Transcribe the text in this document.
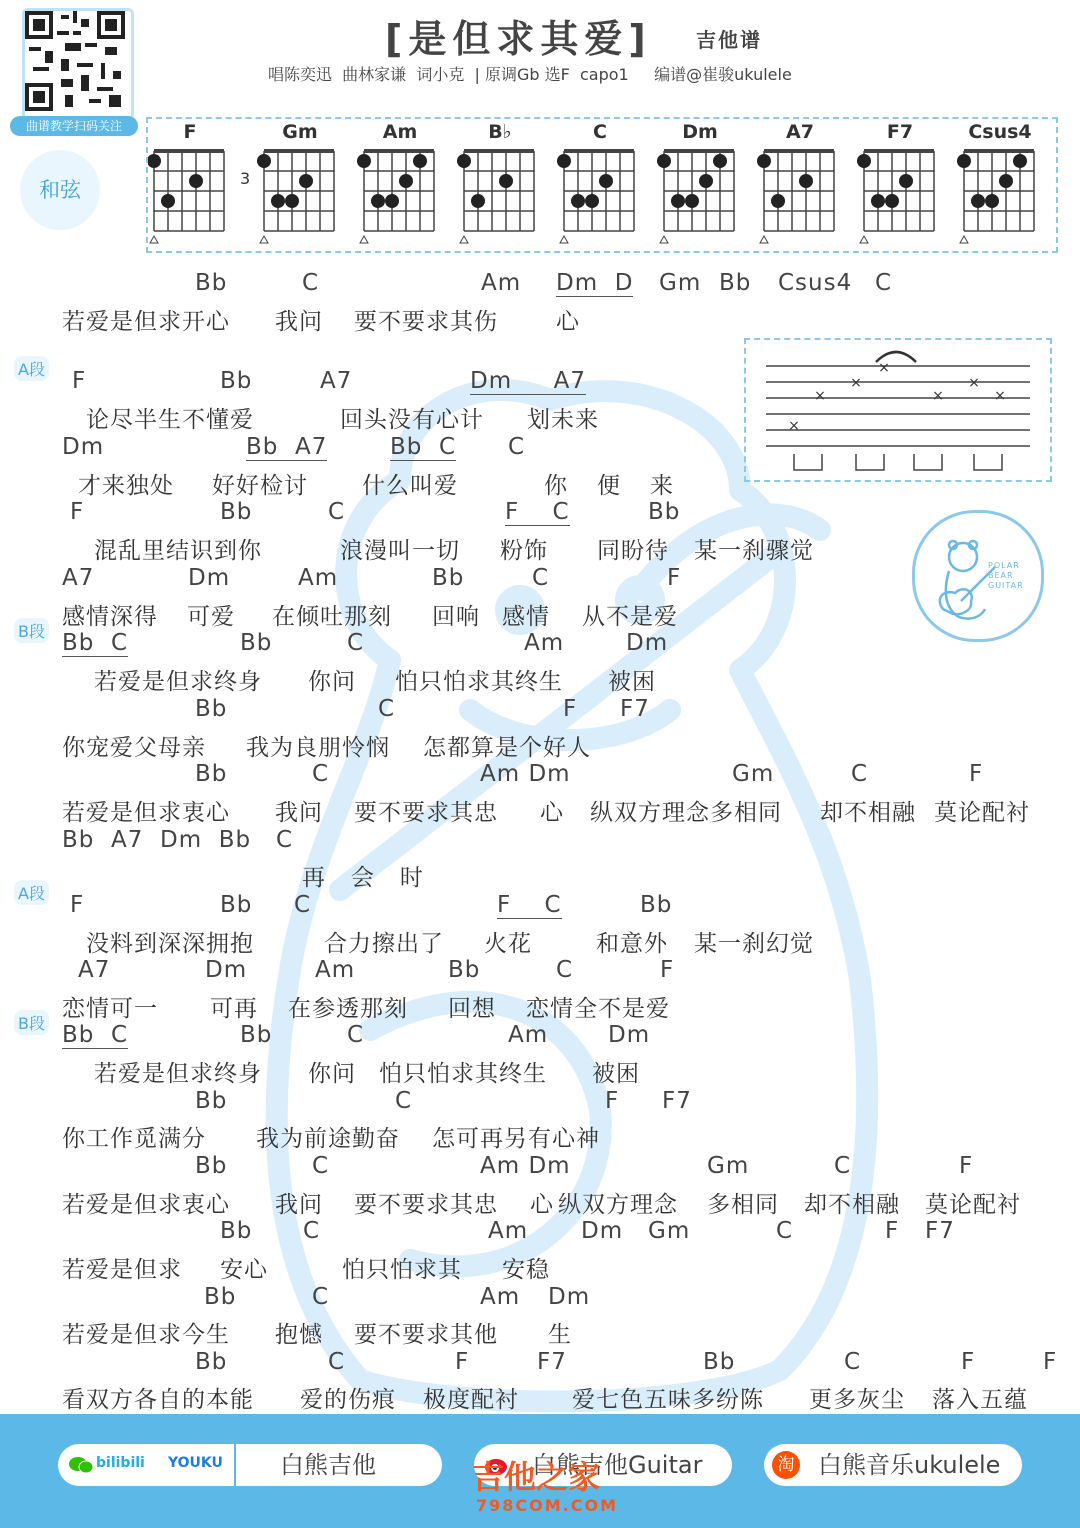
曲谱教学扫码关注
[是但求其爱] 吉他谱
唱陈奕迅  曲林家谦  词小克  | 原调Gb 选F  capo1     编谱@崔骏ukulele
和弦
F	Gm	Am	B♭	C	Dm	A7	F7	Csus4
3
×
×
×
×
×
×
×
POLAR
BEAR
GUITAR
Bb	C	Am Dm  D Gm Bb Csus4 C
若爱是但求开心 我问 要不要求其伤	心
A段 F	Bb	A7	Dm     A7
论尽半生不懂爱	回头没有心计 划未来
Dm	Bb  A7	Bb  C C
才来独处 好好检讨 什么叫爱	你 便 来
F	Bb	C	F    C	Bb
混乱里结识到你	浪漫叫一切 粉饰 同盼待 某一刹骤觉
A7	Dm	Am	Bb	C	F
感情深得 可爱 在倾吐那刻 回响 感情 从不是爱
B段 Bb  C	Bb	C	Am	Dm
若爱是但求终身 你问 怕只怕求其终生 被困
Bb	C	F F7
你宠爱父母亲 我为良朋怜悯 怎都算是个好人
Bb	C	Am Dm	Gm	C	F
若爱是但求衷心 我问 要不要求其忠 心 纵双方理念多相同 却不相融 莫论配衬
Bb  A7  Dm  Bb   C
再   会   时
A段 F	Bb C	F    C	Bb
没料到深深拥抱	合力擦出了 火花	和意外 某一刹幻觉
A7	Dm	Am	Bb	C	F
恋情可一 可再 在参透那刻 回想 恋情全不是爱
B段 Bb  C	Bb	C	Am	Dm
若爱是但求终身 你问 怕只怕求其终生 被困
Bb	C	F F7
你工作觅满分 我为前途勤奋 怎可再另有心神
Bb	C	Am Dm	Gm	C	F
若爱是但求衷心 我问 要不要求其忠 心 纵双方理念 多相同 却不相融 莫论配衬
Bb C	Am Dm Gm	C	F F7
若爱是但求 安心	怕只怕求其 安稳
Bb	C	Am Dm
若爱是但求今生 抱憾 要不要求其他 生
Bb	C	F	F7	Bb	C	F	F
看双方各自的本能 爱的伤痕 极度配衬 爱七色五味多纷陈 更多灰尘 落入五蕴
bilibili YOUKU 白熊吉他	白熊吉他Guitar	淘 白熊音乐ukulele
吉他之家
798COM.COM
